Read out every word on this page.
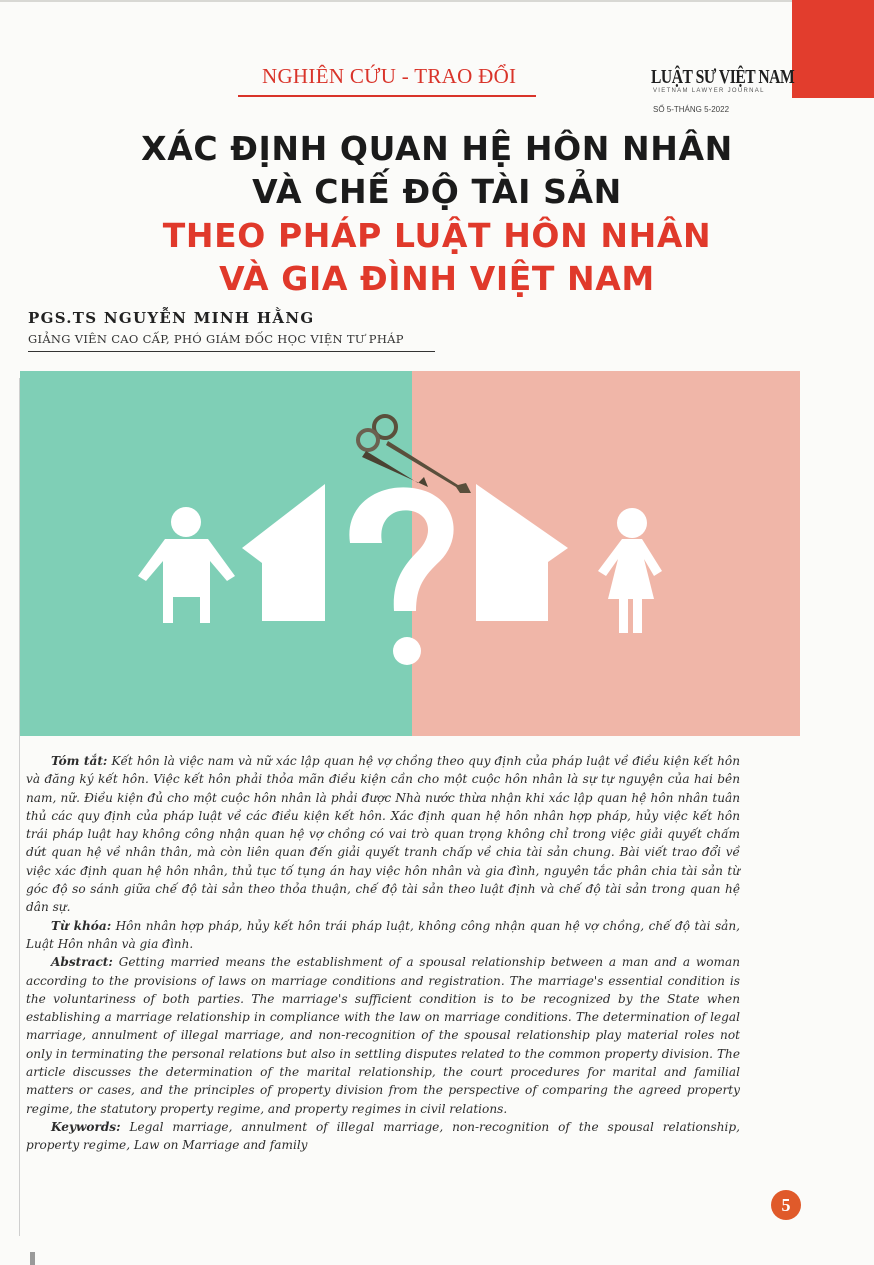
NGHIÊN CỨU - TRAO ĐỔI	LUẬT SƯ VIỆT NAM
VIETNAM LAWYER JOURNAL
SỐ 5-THÁNG 5-2022
XÁC ĐỊNH QUAN HỆ HÔN NHÂN
VÀ CHẾ ĐỘ TÀI SẢN
THEO PHÁP LUẬT HÔN NHÂN
VÀ GIA ĐÌNH VIỆT NAM
PGS.TS NGUYỄN MINH HẰNG
GIẢNG VIÊN CAO CẤP, PHÓ GIÁM ĐỐC HỌC VIỆN TƯ PHÁP

Tóm tắt: Kết hôn là việc nam và nữ xác lập quan hệ vợ chồng theo quy định của pháp luật về điều kiện kết hôn và đăng ký kết hôn. Việc kết hôn phải thỏa mãn điều kiện cần cho một cuộc hôn nhân là sự tự nguyện của hai bên nam, nữ. Điều kiện đủ cho một cuộc hôn nhân là phải được Nhà nước thừa nhận khi xác lập quan hệ hôn nhân tuân thủ các quy định của pháp luật về các điều kiện kết hôn. Xác định quan hệ hôn nhân hợp pháp, hủy việc kết hôn trái pháp luật hay không công nhận quan hệ vợ chồng có vai trò quan trọng không chỉ trong việc giải quyết chấm dứt quan hệ về nhân thân, mà còn liên quan đến giải quyết tranh chấp về chia tài sản chung. Bài viết trao đổi về việc xác định quan hệ hôn nhân, thủ tục tố tụng án hay việc hôn nhân và gia đình, nguyên tắc phân chia tài sản từ góc độ so sánh giữa chế độ tài sản theo thỏa thuận, chế độ tài sản theo luật định và chế độ tài sản trong quan hệ dân sự.

Từ khóa: Hôn nhân hợp pháp, hủy kết hôn trái pháp luật, không công nhận quan hệ vợ chồng, chế độ tài sản, Luật Hôn nhân và gia đình.

Abstract: Getting married means the establishment of a spousal relationship between a man and a woman according to the provisions of laws on marriage conditions and registration. The marriage's essential condition is the voluntariness of both parties. The marriage's sufficient condition is to be recognized by the State when establishing a marriage relationship in compliance with the law on marriage conditions. The determination of legal marriage, annulment of illegal marriage, and non-recognition of the spousal relationship play material roles not only in terminating the personal relations but also in settling disputes related to the common property division. The article discusses the determination of the marital relationship, the court procedures for marital and familial matters or cases, and the principles of property division from the perspective of comparing the agreed property regime, the statutory property regime, and property regimes in civil relations.

Keywords: Legal marriage, annulment of illegal marriage, non-recognition of the spousal relationship, property regime, Law on Marriage and family

5
